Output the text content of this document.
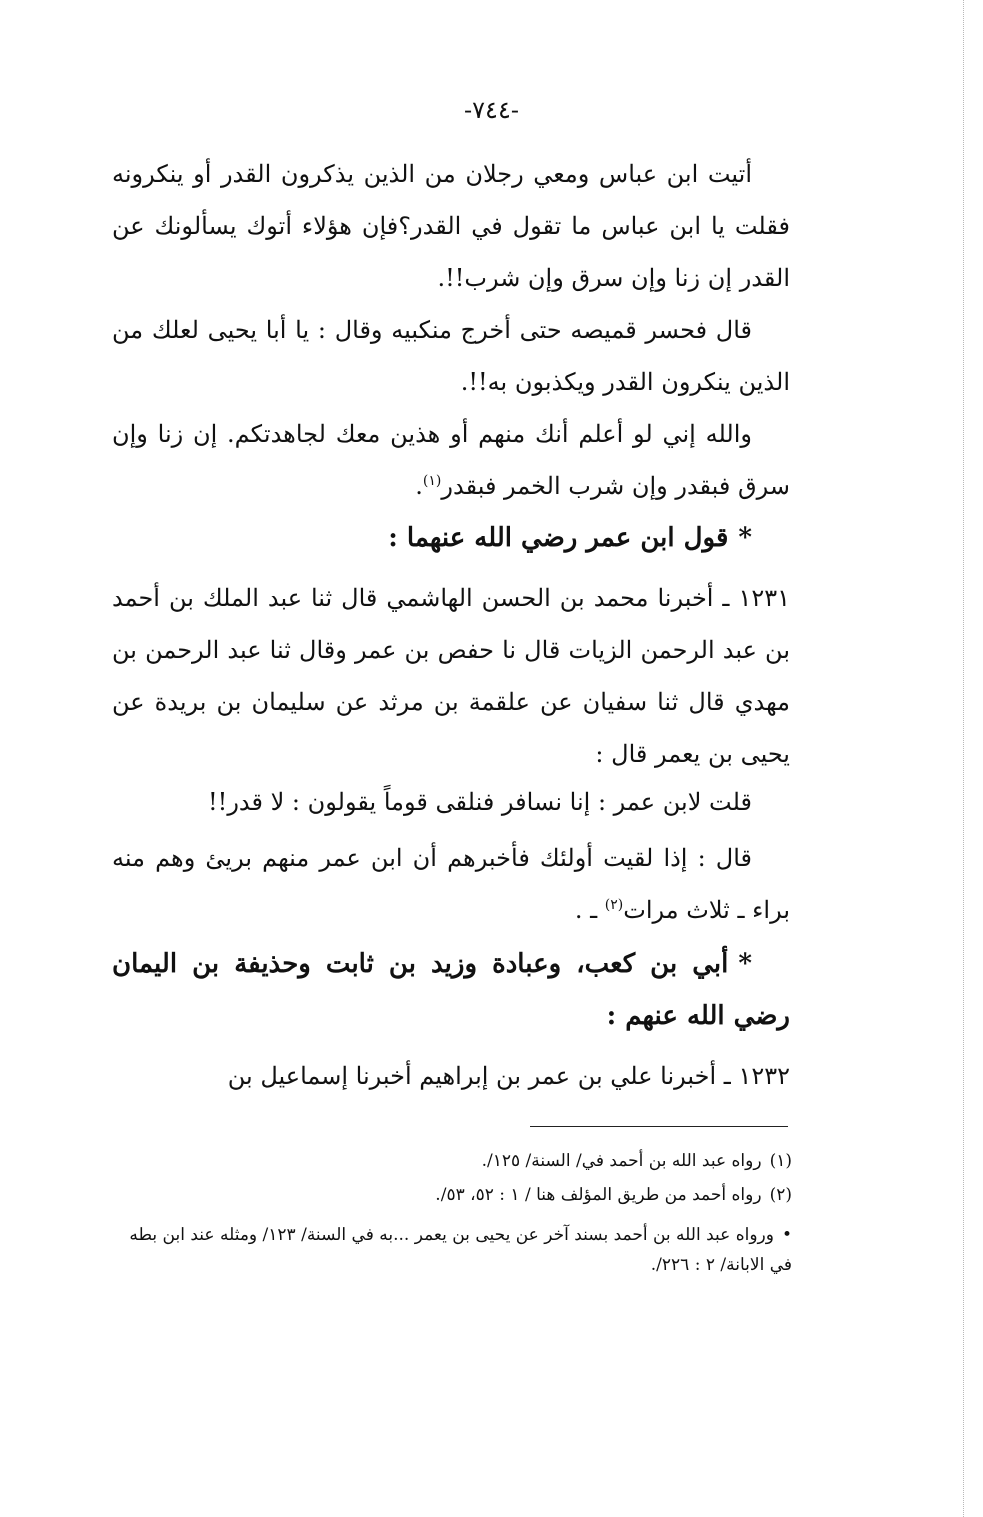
-٧٤٤-

أتيت ابن عباس ومعي رجلان من الذين يذكرون القدر أو ينكرونه فقلت يا ابن عباس ما تقول في القدر؟فإن هؤلاء أتوك يسألونك عن القدر إن زنا وإن سرق وإن شرب!!.

قال فحسر قميصه حتى أخرج منكبيه وقال : يا أبا يحيى لعلك من الذين ينكرون القدر ويكذبون به!!.

والله إني لو أعلم أنك منهم أو هذين معك لجاهدتكم. إن زنا وإن سرق فبقدر وإن شرب الخمر فبقدر$^{(١)}$.

*قول ابن عمر رضي الله عنهما :

١٢٣١ ـ أخبرنا محمد بن الحسن الهاشمي قال ثنا عبد الملك بن أحمد بن عبد الرحمن الزيات قال نا حفص بن عمر وقال ثنا عبد الرحمن بن مهدي قال ثنا سفيان عن علقمة بن مرثد عن سليمان بن بريدة عن يحيى بن يعمر قال :

قلت لابن عمر : إنا نسافر فنلقى قوماً يقولون : لا قدر!!

قال : إذا لقيت أولئك فأخبرهم أن ابن عمر منهم بريئ وهم منه براء ـ ثلاث مرات$^{(٢)}$ ـ .

*أبي بن كعب، وعبادة وزيد بن ثابت وحذيفة بن اليمان رضي الله عنهم :

١٢٣٢ ـ أخبرنا علي بن عمر بن إبراهيم أخبرنا إسماعيل بن

(١)رواه عبد الله بن أحمد في/ السنة/ ١٢٥/.
(٢)رواه أحمد من طريق المؤلف هنا / ١ : ٥٢، ٥٣/.
•ورواه عبد الله بن أحمد بسند آخر عن يحيى بن يعمر ...به في السنة/ ١٢٣/ ومثله عند ابن بطه في الابانة/ ٢ : ٢٢٦/.
